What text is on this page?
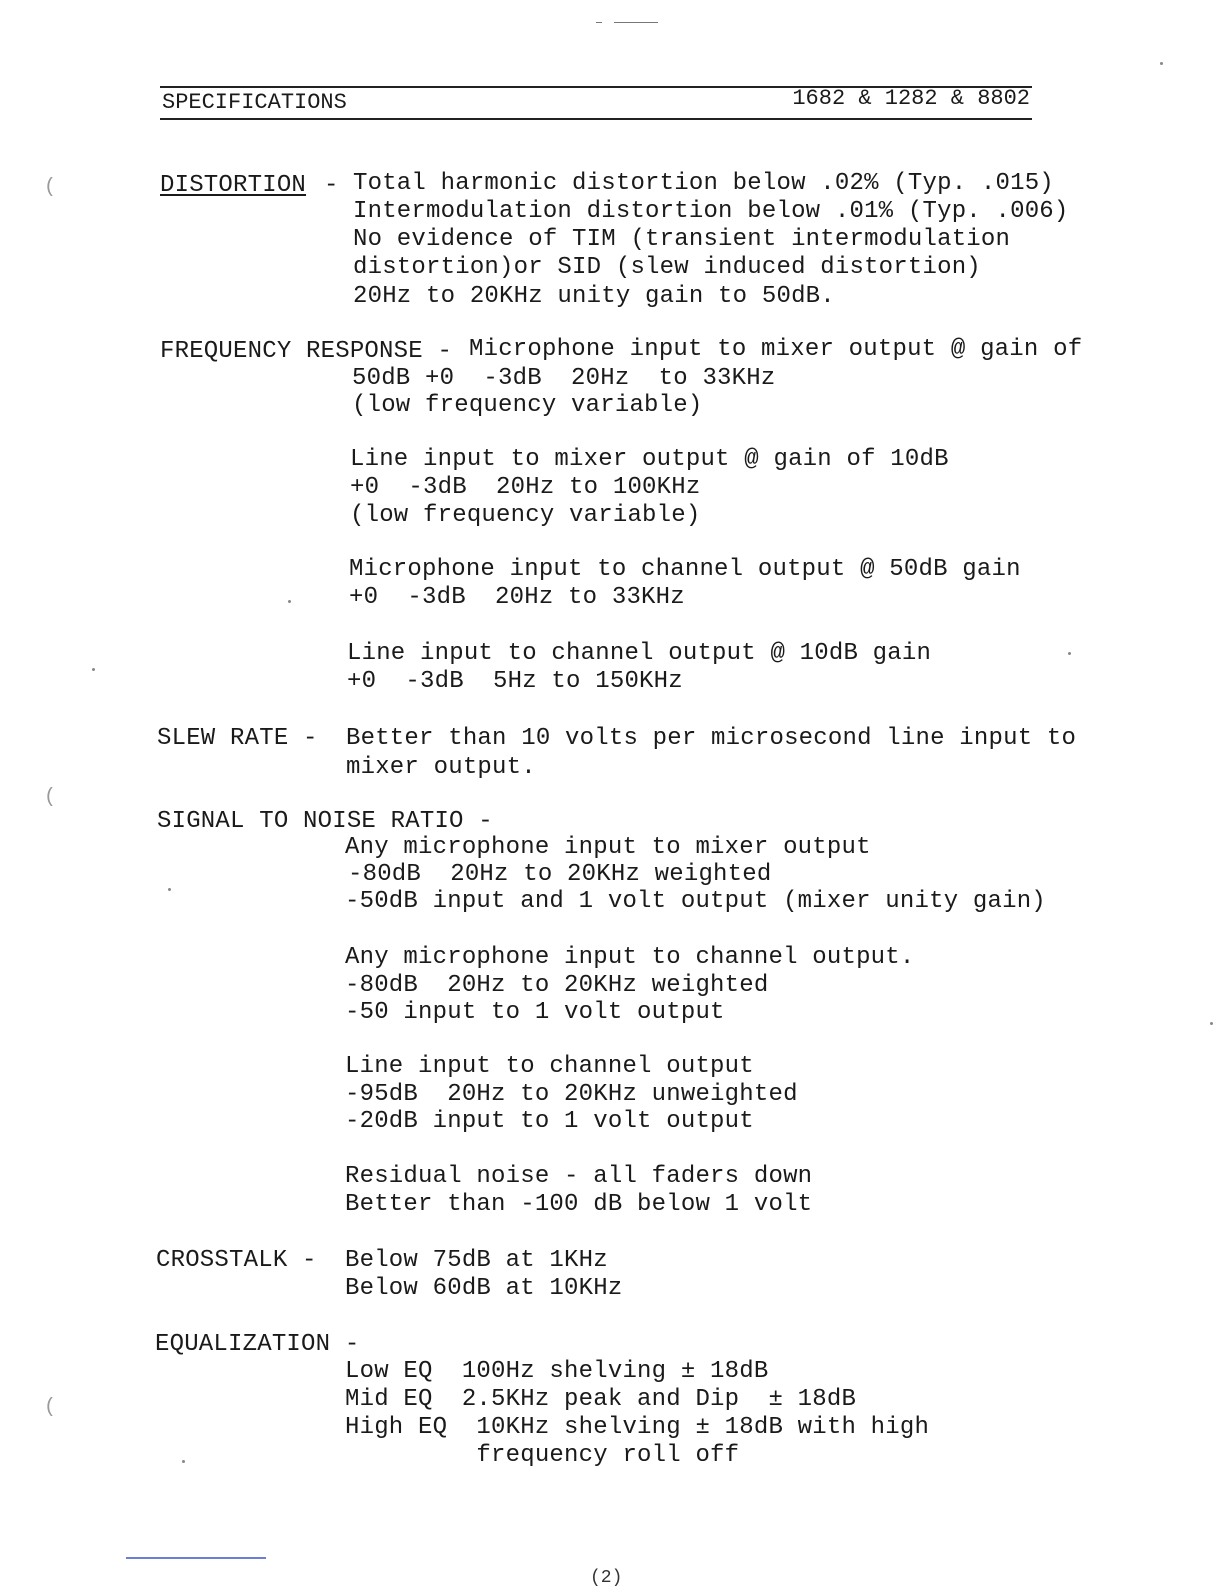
SPECIFICATIONS	1682 & 1282 & 8802
DISTORTION - Total harmonic distortion below .02% (Typ. .015)
Intermodulation distortion below .01% (Typ. .006)
No evidence of TIM (transient intermodulation
distortion)or SID (slew induced distortion)
20Hz to 20KHz unity gain to 50dB.
FREQUENCY RESPONSE - Microphone input to mixer output @ gain of
50dB +0  -3dB  20Hz  to 33KHz
(low frequency variable)
Line input to mixer output @ gain of 10dB
+0  -3dB  20Hz to 100KHz
(low frequency variable)
Microphone input to channel output @ 50dB gain
+0  -3dB  20Hz to 33KHz
Line input to channel output @ 10dB gain
+0  -3dB  5Hz to 150KHz
SLEW RATE - Better than 10 volts per microsecond line input to
mixer output.
SIGNAL TO NOISE RATIO -
Any microphone input to mixer output
-80dB  20Hz to 20KHz weighted
-50dB input and 1 volt output (mixer unity gain)
Any microphone input to channel output.
-80dB  20Hz to 20KHz weighted
-50 input to 1 volt output
Line input to channel output
-95dB  20Hz to 20KHz unweighted
-20dB input to 1 volt output
Residual noise - all faders down
Better than -100 dB below 1 volt
CROSSTALK - Below 75dB at 1KHz
Below 60dB at 10KHz
EQUALIZATION -
Low EQ  100Hz shelving ± 18dB
Mid EQ  2.5KHz peak and Dip  ± 18dB
High EQ  10KHz shelving ± 18dB with high
frequency roll off
(
(
(
(2)
